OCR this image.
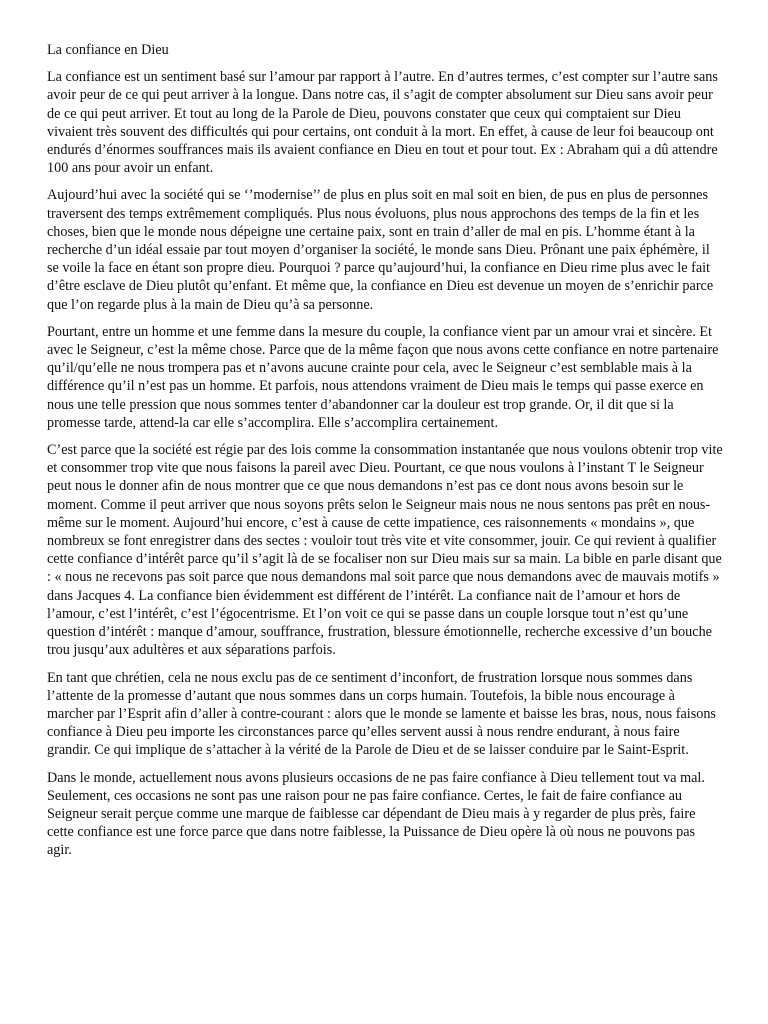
La confiance en Dieu

La confiance est un sentiment basé sur l’amour par rapport à l’autre. En d’autres termes, c’est compter sur l’autre sans avoir peur de ce qui peut arriver à la longue. Dans notre cas, il s’agit de compter absolument sur Dieu sans avoir peur de ce qui peut arriver. Et tout au long de la Parole de Dieu, pouvons constater que ceux qui comptaient sur Dieu vivaient très souvent des difficultés qui pour certains, ont conduit à la mort. En effet, à cause de leur foi beaucoup ont endurés d’énormes souffrances mais ils avaient confiance en Dieu en tout et pour tout. Ex : Abraham qui a dû attendre 100 ans pour avoir un enfant.

Aujourd’hui avec la société qui se ‘’modernise’’ de plus en plus soit en mal soit en bien, de pus en plus de personnes traversent des temps extrêmement compliqués. Plus nous évoluons, plus nous approchons des temps de la fin et les choses, bien que le monde nous dépeigne une certaine paix, sont en train d’aller de mal en pis. L’homme étant à la recherche d’un idéal essaie par tout moyen d’organiser la société, le monde sans Dieu. Prônant une paix éphémère, il se voile la face en étant son propre dieu. Pourquoi ? parce qu’aujourd’hui, la confiance en Dieu rime plus avec le fait d’être esclave de Dieu plutôt qu’enfant. Et même que, la confiance en Dieu est devenue un moyen de s’enrichir parce que l’on regarde plus à la main de Dieu qu’à sa personne.

Pourtant, entre un homme et une femme dans la mesure du couple, la confiance vient par un amour vrai et sincère. Et avec le Seigneur, c’est la même chose. Parce que de la même façon que nous avons cette confiance en notre partenaire qu’il/qu’elle ne nous trompera pas et n’avons aucune crainte pour cela, avec le Seigneur c’est semblable mais à la différence qu’il n’est pas un homme. Et parfois, nous attendons vraiment de Dieu mais le temps qui passe exerce en nous une telle pression que nous sommes tenter d’abandonner car la douleur est trop grande. Or, il dit que si la promesse tarde, attend-la car elle s’accomplira. Elle s’accomplira certainement.

C’est parce que la société est régie par des lois comme la consommation instantanée que nous voulons obtenir trop vite et consommer trop vite que nous faisons la pareil avec Dieu. Pourtant, ce que nous voulons à l’instant T le Seigneur peut nous le donner afin de nous montrer que ce que nous demandons n’est pas ce dont nous avons besoin sur le moment. Comme il peut arriver que nous soyons prêts selon le Seigneur mais nous ne nous sentons pas prêt en nous-même sur le moment. Aujourd’hui encore, c’est à cause de cette impatience, ces raisonnements « mondains », que nombreux se font enregistrer dans des sectes : vouloir tout très vite et vite consommer, jouir. Ce qui revient à qualifier cette confiance d’intérêt parce qu’il s’agit là de se focaliser non sur Dieu mais sur sa main. La bible en parle disant que : « nous ne recevons pas soit parce que nous demandons mal soit parce que nous demandons avec de mauvais motifs » dans Jacques 4. La confiance bien évidemment est différent de l’intérêt. La confiance nait de l’amour et hors de l’amour, c’est l’intérêt, c’est l’égocentrisme. Et l’on voit ce qui se passe dans un couple lorsque tout n’est qu’une question d’intérêt : manque d’amour, souffrance, frustration, blessure émotionnelle, recherche excessive d’un bouche trou jusqu’aux adultères et aux séparations parfois.

En tant que chrétien, cela ne nous exclu pas de ce sentiment d’inconfort, de frustration lorsque nous sommes dans l’attente de la promesse d’autant que nous sommes dans un corps humain. Toutefois, la bible nous encourage à marcher par l’Esprit afin d’aller à contre-courant : alors que le monde se lamente et baisse les bras, nous, nous faisons confiance à Dieu peu importe les circonstances parce qu’elles servent aussi à nous rendre endurant, à nous faire grandir. Ce qui implique de s’attacher à la vérité de la Parole de Dieu et de se laisser conduire par le Saint-Esprit.

Dans le monde, actuellement nous avons plusieurs occasions de ne pas faire confiance à Dieu tellement tout va mal. Seulement, ces occasions ne sont pas une raison pour ne pas faire confiance. Certes, le fait de faire confiance au Seigneur serait perçue comme une marque de faiblesse car dépendant de Dieu mais à y regarder de plus près, faire cette confiance est une force parce que dans notre faiblesse, la Puissance de Dieu opère là où nous ne pouvons pas agir.
